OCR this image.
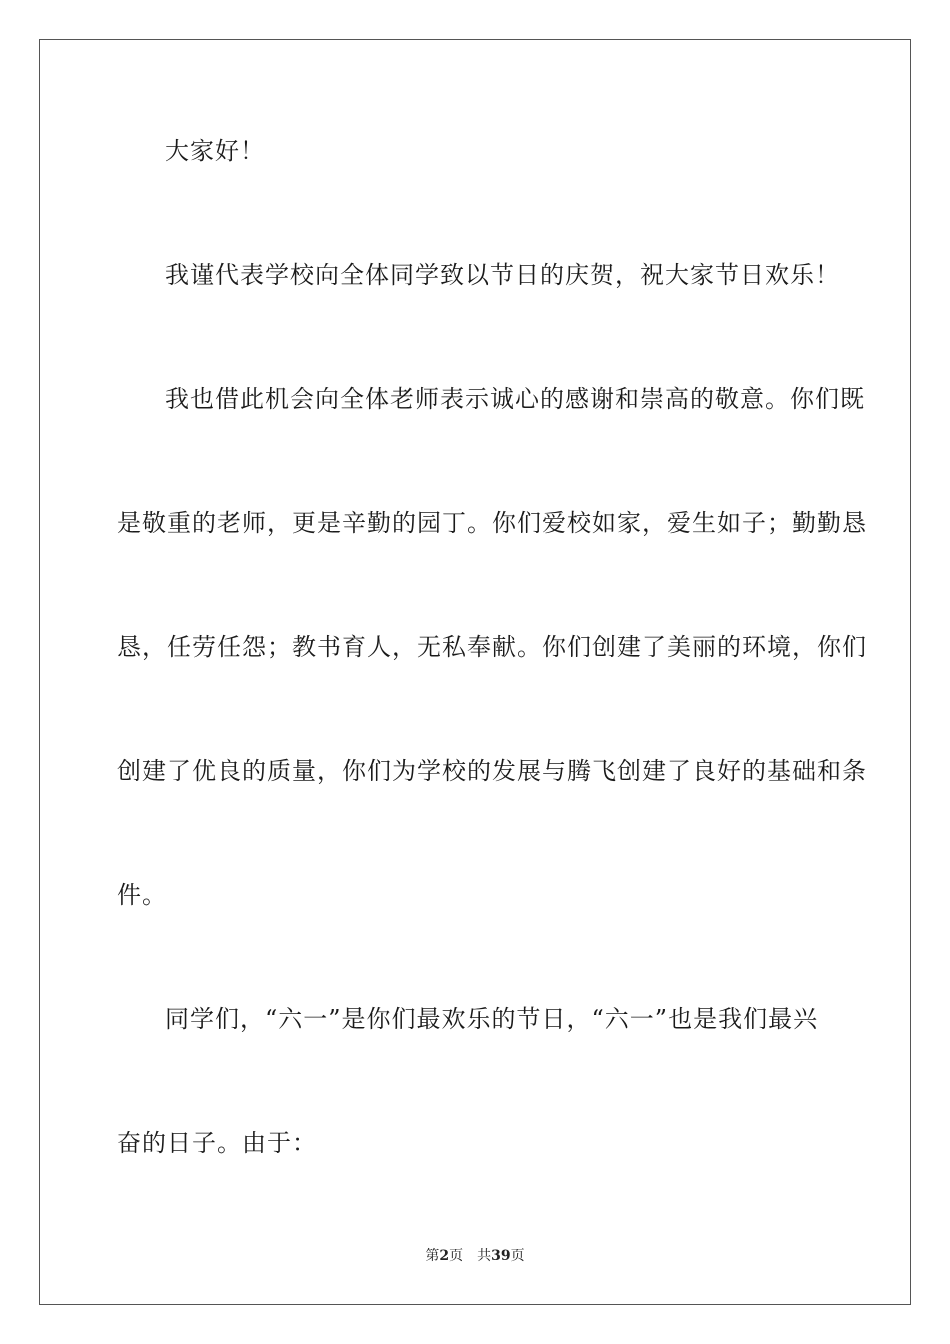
大家好！
我谨代表学校向全体同学致以节日的庆贺，祝大家节日欢乐！
我也借此机会向全体老师表示诚心的感谢和崇高的敬意。你们既
是敬重的老师，更是辛勤的园丁。你们爱校如家，爱生如子；勤勤恳
恳，任劳任怨；教书育人，无私奉献。你们创建了美丽的环境，你们
创建了优良的质量，你们为学校的发展与腾飞创建了良好的基础和条
件。
同学们，“六一”是你们最欢乐的节日，“六一”也是我们最兴
奋的日子。由于：
第2页 共39页
